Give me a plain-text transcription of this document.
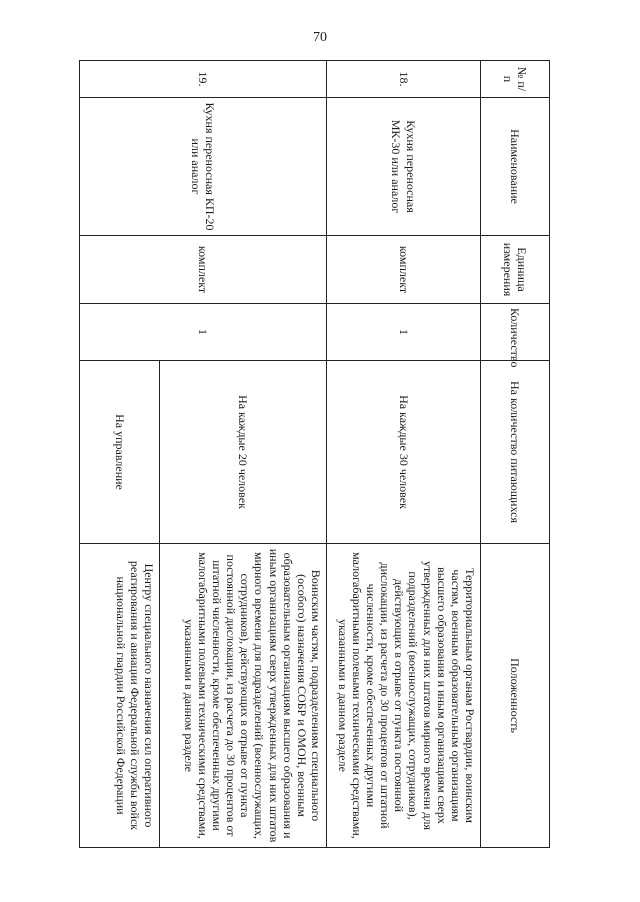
70
№ п/п	Наименование	Единица измерения	Количество	На количество питающихся	Положенность
18.	Кухня переносная МК-30 или аналог	комплект	1	На каждые 30 человек	Территориальным органам Росгвардии, воинским частям, военным образовательным организациям высшего образования и иным организациям сверх утвержденных для них штатов мирного времени для подразделений (военнослужащих, сотрудников), действующих в отрыве от пункта постоянной дислокации, из расчета до 30 процентов от штатной численности, кроме обеспеченных другими малогабаритными полевыми техническими средствами, указанными в данном разделе
19.	Кухня переносная КП-20 или аналог	комплект	1	На каждые 20 человек	Воинским частям, подразделениям специального (особого) назначения СОБР и ОМОН, военным образовательным организациям высшего образования и иным организациям сверх утвержденных для них штатов мирного времени для подразделений (военнослужащих, сотрудников), действующих в отрыве от пункта постоянной дислокации, из расчета до 30 процентов от штатной численности, кроме обеспеченных другими малогабаритными полевыми техническими средствами, указанными в данном разделе
				На управление	Центру специального назначения сил оперативного реагирования и авиации Федеральной службы войск национальной гвардии Российской Федерации
